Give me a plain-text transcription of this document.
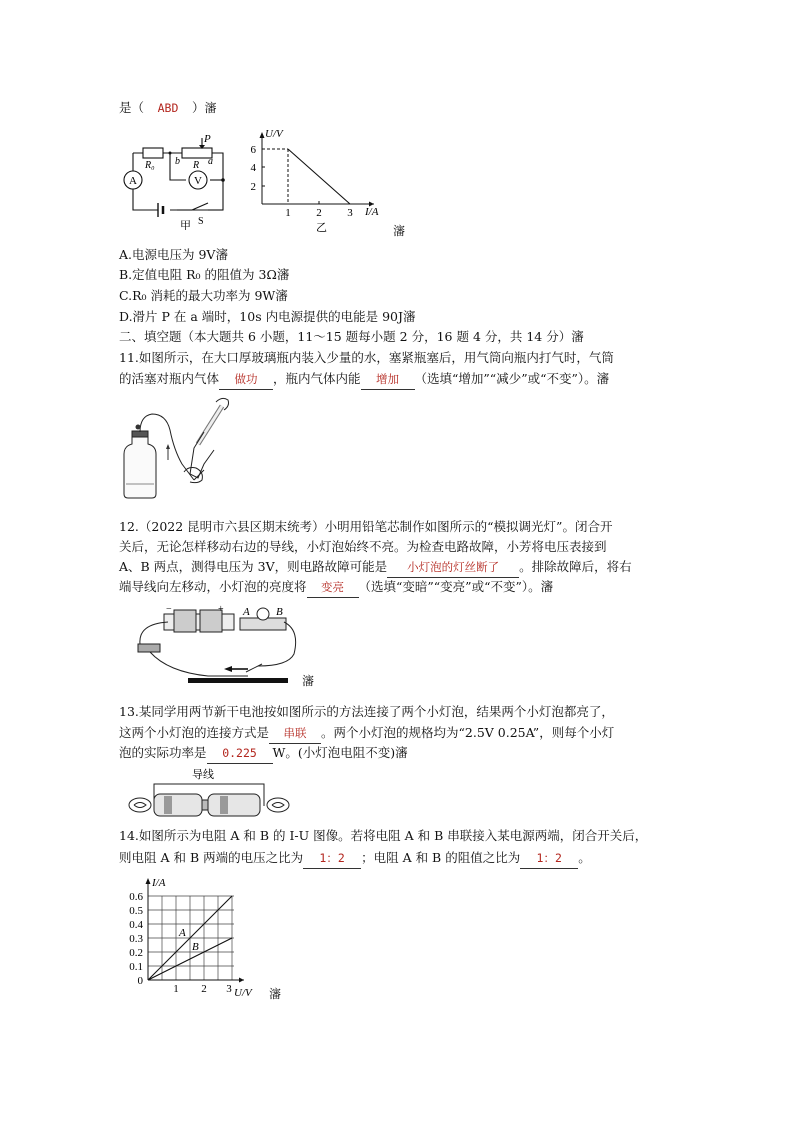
是（ ABD ）瀋
A	V
R₀
P
b R a
S
甲
U/V
I/A
6
4
2
1 2 3
乙	瀋
A.电源电压为 9V瀋
B.定值电阻 R₀ 的阻值为 3Ω瀋
C.R₀ 消耗的最大功率为 9W瀋
D.滑片 P 在 a 端时，10s 内电源提供的电能是 90J瀋
二、填空题（本大题共 6 小题，11～15 题每小题 2 分，16 题 4 分，共 14 分）瀋
11.如图所示，在大口厚玻璃瓶内装入少量的水，塞紧瓶塞后，用气筒向瓶内打气时，气筒
的活塞对瓶内气体 做功 ，瓶内气体内能 增加 （选填“增加”“减少”或“不变”）。瀋
12.（2022 昆明市六县区期末统考）小明用铅笔芯制作如图所示的“模拟调光灯”。闭合开
关后，无论怎样移动右边的导线，小灯泡始终不亮。为检查电路故障，小芳将电压表接到
A、B 两点，测得电压为 3V，则电路故障可能是 小灯泡的灯丝断了 。排除故障后，将右
端导线向左移动，小灯泡的亮度将 变亮 （选填“变暗”“变亮”或“不变”）。瀋
−	+ A B
瀋
13.某同学用两节新干电池按如图所示的方法连接了两个小灯泡，结果两个小灯泡都亮了，
这两个小灯泡的连接方式是 串联 。两个小灯泡的规格均为“2.5V 0.25A”，则每个小灯
泡的实际功率是 0.225 W。(小灯泡电阻不变)瀋
导线
14.如图所示为电阻 A 和 B 的 I-U 图像。若将电阻 A 和 B 串联接入某电源两端，闭合开关后，
则电阻 A 和 B 两端的电压之比为 1：2 ；电阻 A 和 B 的阻值之比为 1：2 。
I/A
U/V
0.6
0.5
0.4
0.3
0.2
0.1
0
1 2 3
A
B
瀋
